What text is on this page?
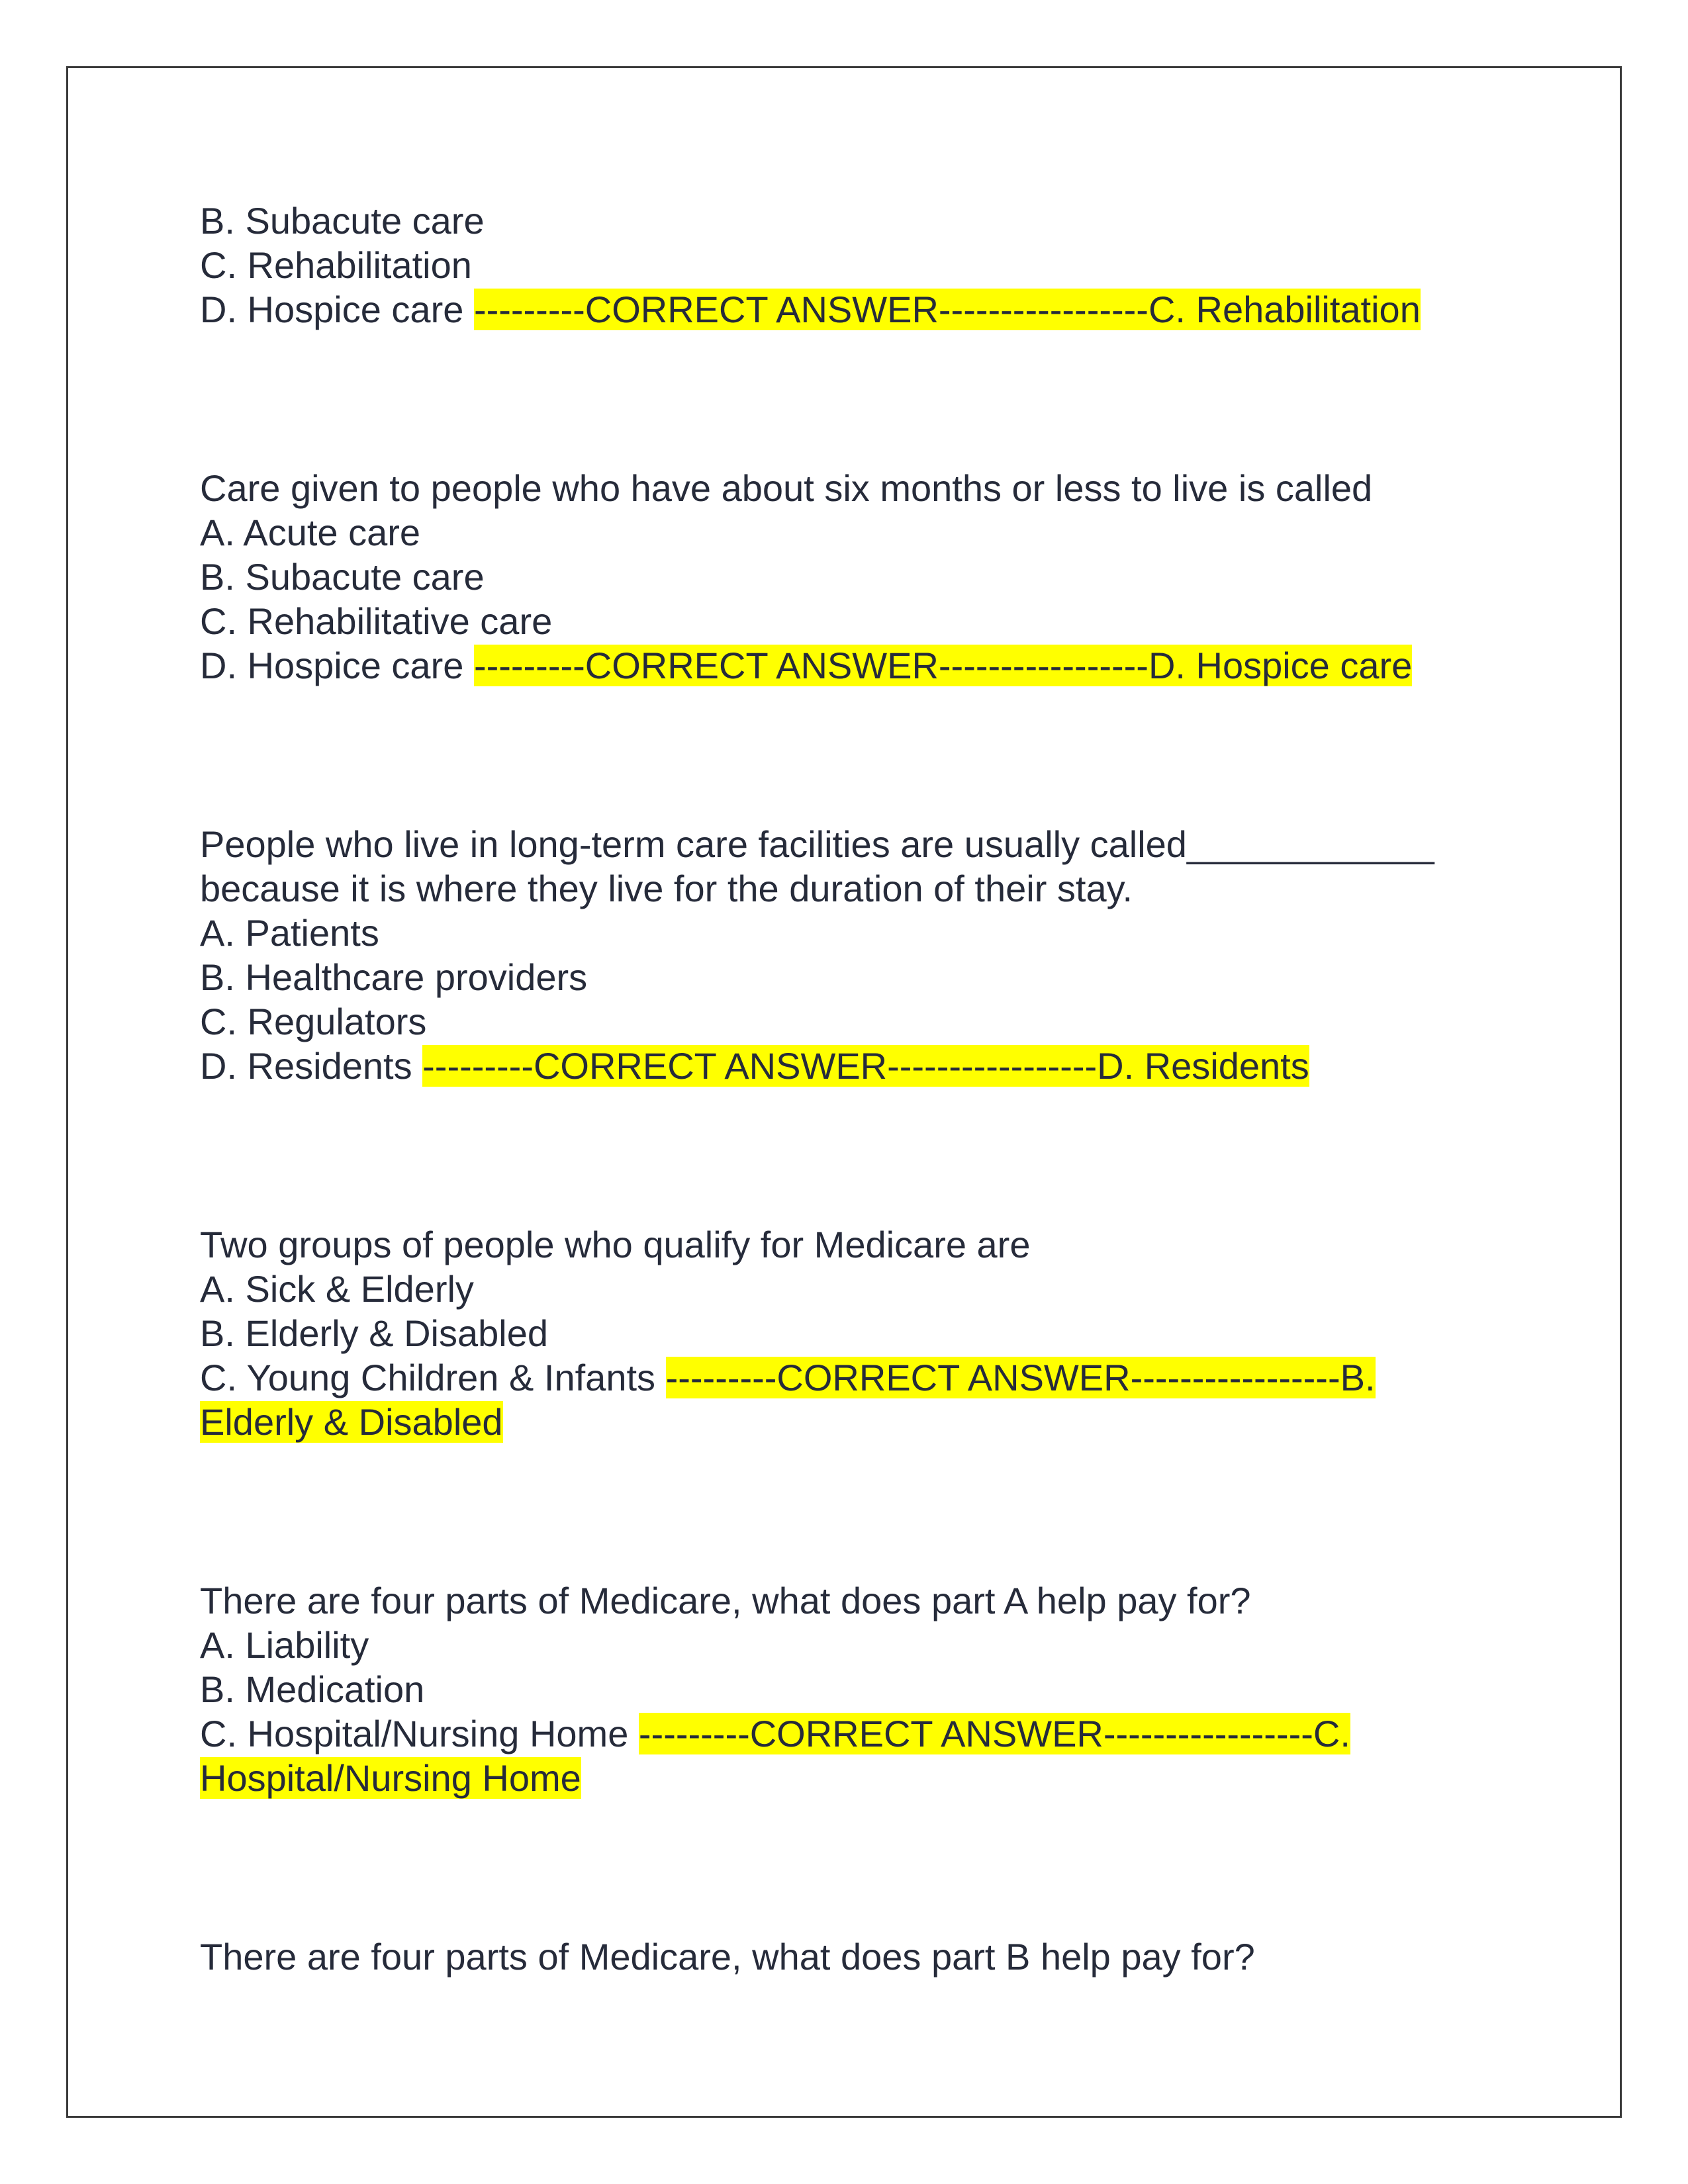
B. Subacute care
C. Rehabilitation
D. Hospice care ---------CORRECT ANSWER-----------------C. Rehabilitation
Care given to people who have about six months or less to live is called
A. Acute care
B. Subacute care
C. Rehabilitative care
D. Hospice care ---------CORRECT ANSWER-----------------D. Hospice care
People who live in long-term care facilities are usually called____________
because it is where they live for the duration of their stay.
A. Patients
B. Healthcare providers
C. Regulators
D. Residents ---------CORRECT ANSWER-----------------D. Residents
Two groups of people who qualify for Medicare are
A. Sick & Elderly
B. Elderly & Disabled
C. Young Children & Infants ---------CORRECT ANSWER-----------------B.
Elderly & Disabled
There are four parts of Medicare, what does part A help pay for?
A. Liability
B. Medication
C. Hospital/Nursing Home ---------CORRECT ANSWER-----------------C.
Hospital/Nursing Home
There are four parts of Medicare, what does part B help pay for?
